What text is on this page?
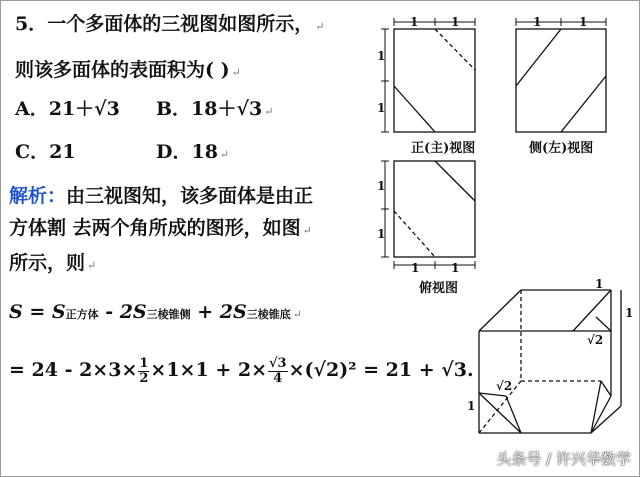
5．一个多面体的三视图如图所示， ↵
则该多面体的表面积为( ) ↵
A．21＋√3 B．18＋√3 ↵
C．21	D．18 ↵
解析：由三视图知，该多面体是由正
方体割 去两个角所成的图形，如图 ↵
所示，则 ↵
S = S正方体 - 2S三棱锥侧 + 2S三棱锥底 ↵
= $24 - 2\times 3\times \frac{1}{2} \times 1\times 1 + 2\times \frac{√3}{4} \times(√2)^2 = 21 + √3$.
1	1
1
1
1	1
正(主)视图	侧(左)视图
1
1
1	1
俯视图	1
1
√2
√2
1
头条号 / 许兴华数学
